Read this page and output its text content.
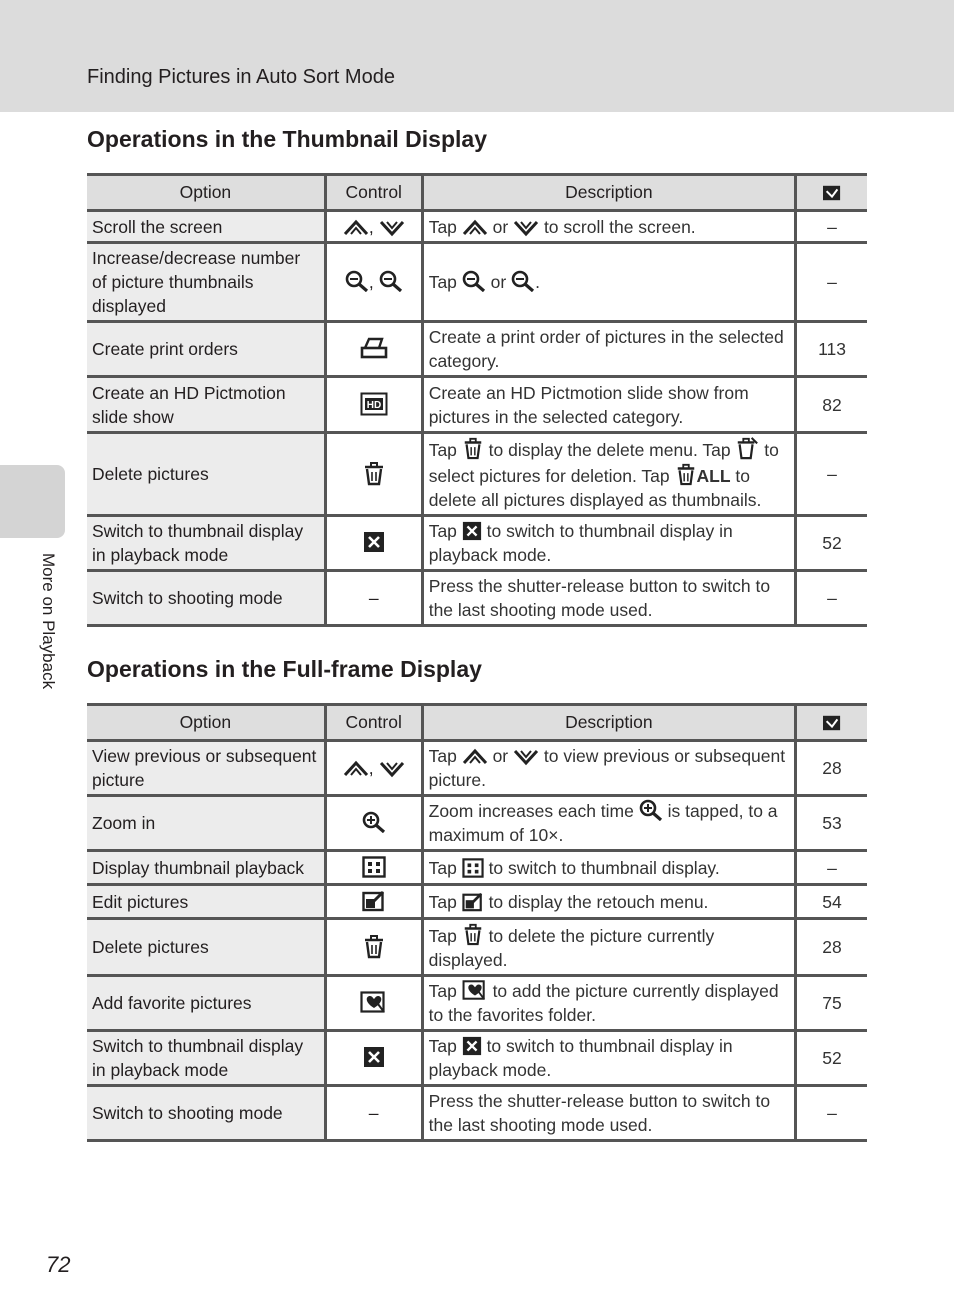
Finding Pictures in Auto Sort Mode
More on Playback
Operations in the Thumbnail Display
Option	Control	Description	
Scroll the screen	,	Tap  or  to scroll the screen.	–
Increase/decrease number of picture thumbnails displayed	,	Tap  or .	–
Create print orders		Create a print order of pictures in the selected category.	113
Create an HD Pictmotion slide show		Create an HD Pictmotion slide show from pictures in the selected category.	82
Delete pictures		Tap  to display the delete menu. Tap  to select pictures for deletion. Tap ALL to delete all pictures displayed as thumbnails.	–
Switch to thumbnail display in playback mode		Tap  to switch to thumbnail display in playback mode.	52
Switch to shooting mode	–	Press the shutter-release button to switch to the last shooting mode used.	–
Operations in the Full-frame Display
Option	Control	Description	
View previous or subsequent picture	,	Tap  or  to view previous or subsequent picture.	28
Zoom in		Zoom increases each time  is tapped, to a maximum of 10×.	53
Display thumbnail playback		Tap  to switch to thumbnail display.	–
Edit pictures		Tap  to display the retouch menu.	54
Delete pictures		Tap  to delete the picture currently displayed.	28
Add favorite pictures		Tap  to add the picture currently displayed to the favorites folder.	75
Switch to thumbnail display in playback mode		Tap  to switch to thumbnail display in playback mode.	52
Switch to shooting mode	–	Press the shutter-release button to switch to the last shooting mode used.	–
72
